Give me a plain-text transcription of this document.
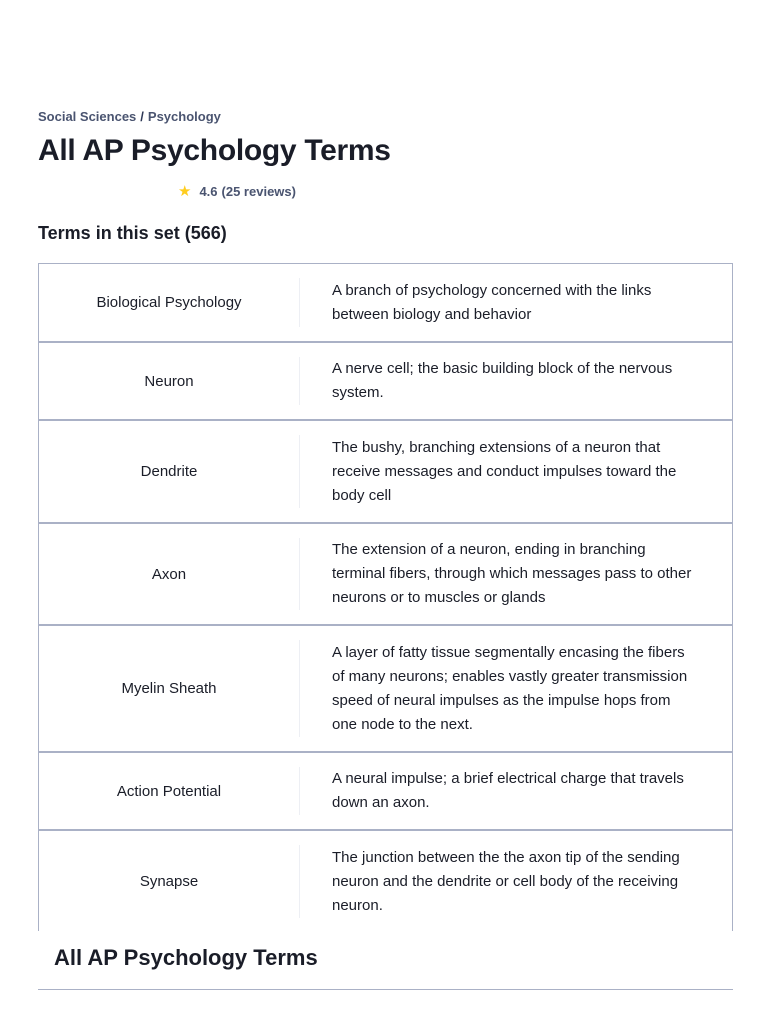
Social Sciences / Psychology
All AP Psychology Terms
★ 4.6 (25 reviews)
Terms in this set (566)
Biological Psychology
A branch of psychology concerned with the links between biology and behavior
Neuron
A nerve cell; the basic building block of the nervous system.
Dendrite
The bushy, branching extensions of a neuron that receive messages and conduct impulses toward the body cell
Axon
The extension of a neuron, ending in branching terminal fibers, through which messages pass to other neurons or to muscles or glands
Myelin Sheath
A layer of fatty tissue segmentally encasing the fibers of many neurons; enables vastly greater transmission speed of neural impulses as the impulse hops from one node to the next.
Action Potential
A neural impulse; a brief electrical charge that travels down an axon.
Synapse
The junction between the the axon tip of the sending neuron and the dendrite or cell body of the receiving neuron.
All AP Psychology Terms
